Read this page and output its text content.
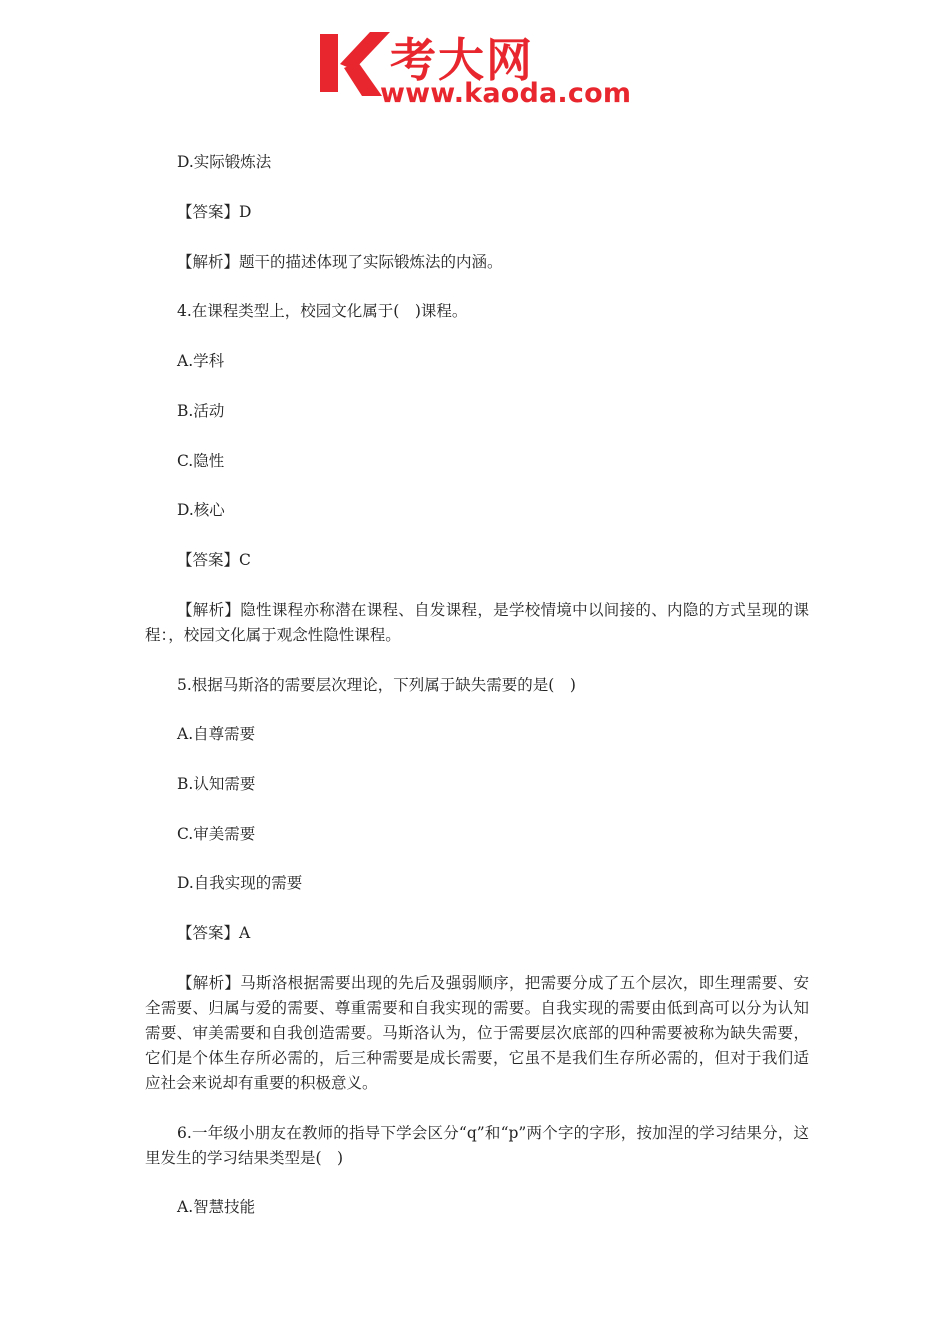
考大网
www.kaoda.com
D.实际锻炼法
【答案】D
【解析】题干的描述体现了实际锻炼法的内涵。
4.在课程类型上，校园文化属于(　)课程。
A.学科
B.活动
C.隐性
D.核心
【答案】C
【解析】隐性课程亦称潜在课程、自发课程，是学校情境中以间接的、内隐的方式呈现的课程：，校园文化属于观念性隐性课程。
5.根据马斯洛的需要层次理论，下列属于缺失需要的是(　)
A.自尊需要
B.认知需要
C.审美需要
D.自我实现的需要
【答案】A
【解析】马斯洛根据需要出现的先后及强弱顺序，把需要分成了五个层次，即生理需要、安全需要、归属与爱的需要、尊重需要和自我实现的需要。自我实现的需要由低到高可以分为认知需要、审美需要和自我创造需要。马斯洛认为，位于需要层次底部的四种需要被称为缺失需要，它们是个体生存所必需的，后三种需要是成长需要，它虽不是我们生存所必需的，但对于我们适应社会来说却有重要的积极意义。
6.一年级小朋友在教师的指导下学会区分“q”和“p”两个字的字形，按加涅的学习结果分，这里发生的学习结果类型是(　)
A.智慧技能
